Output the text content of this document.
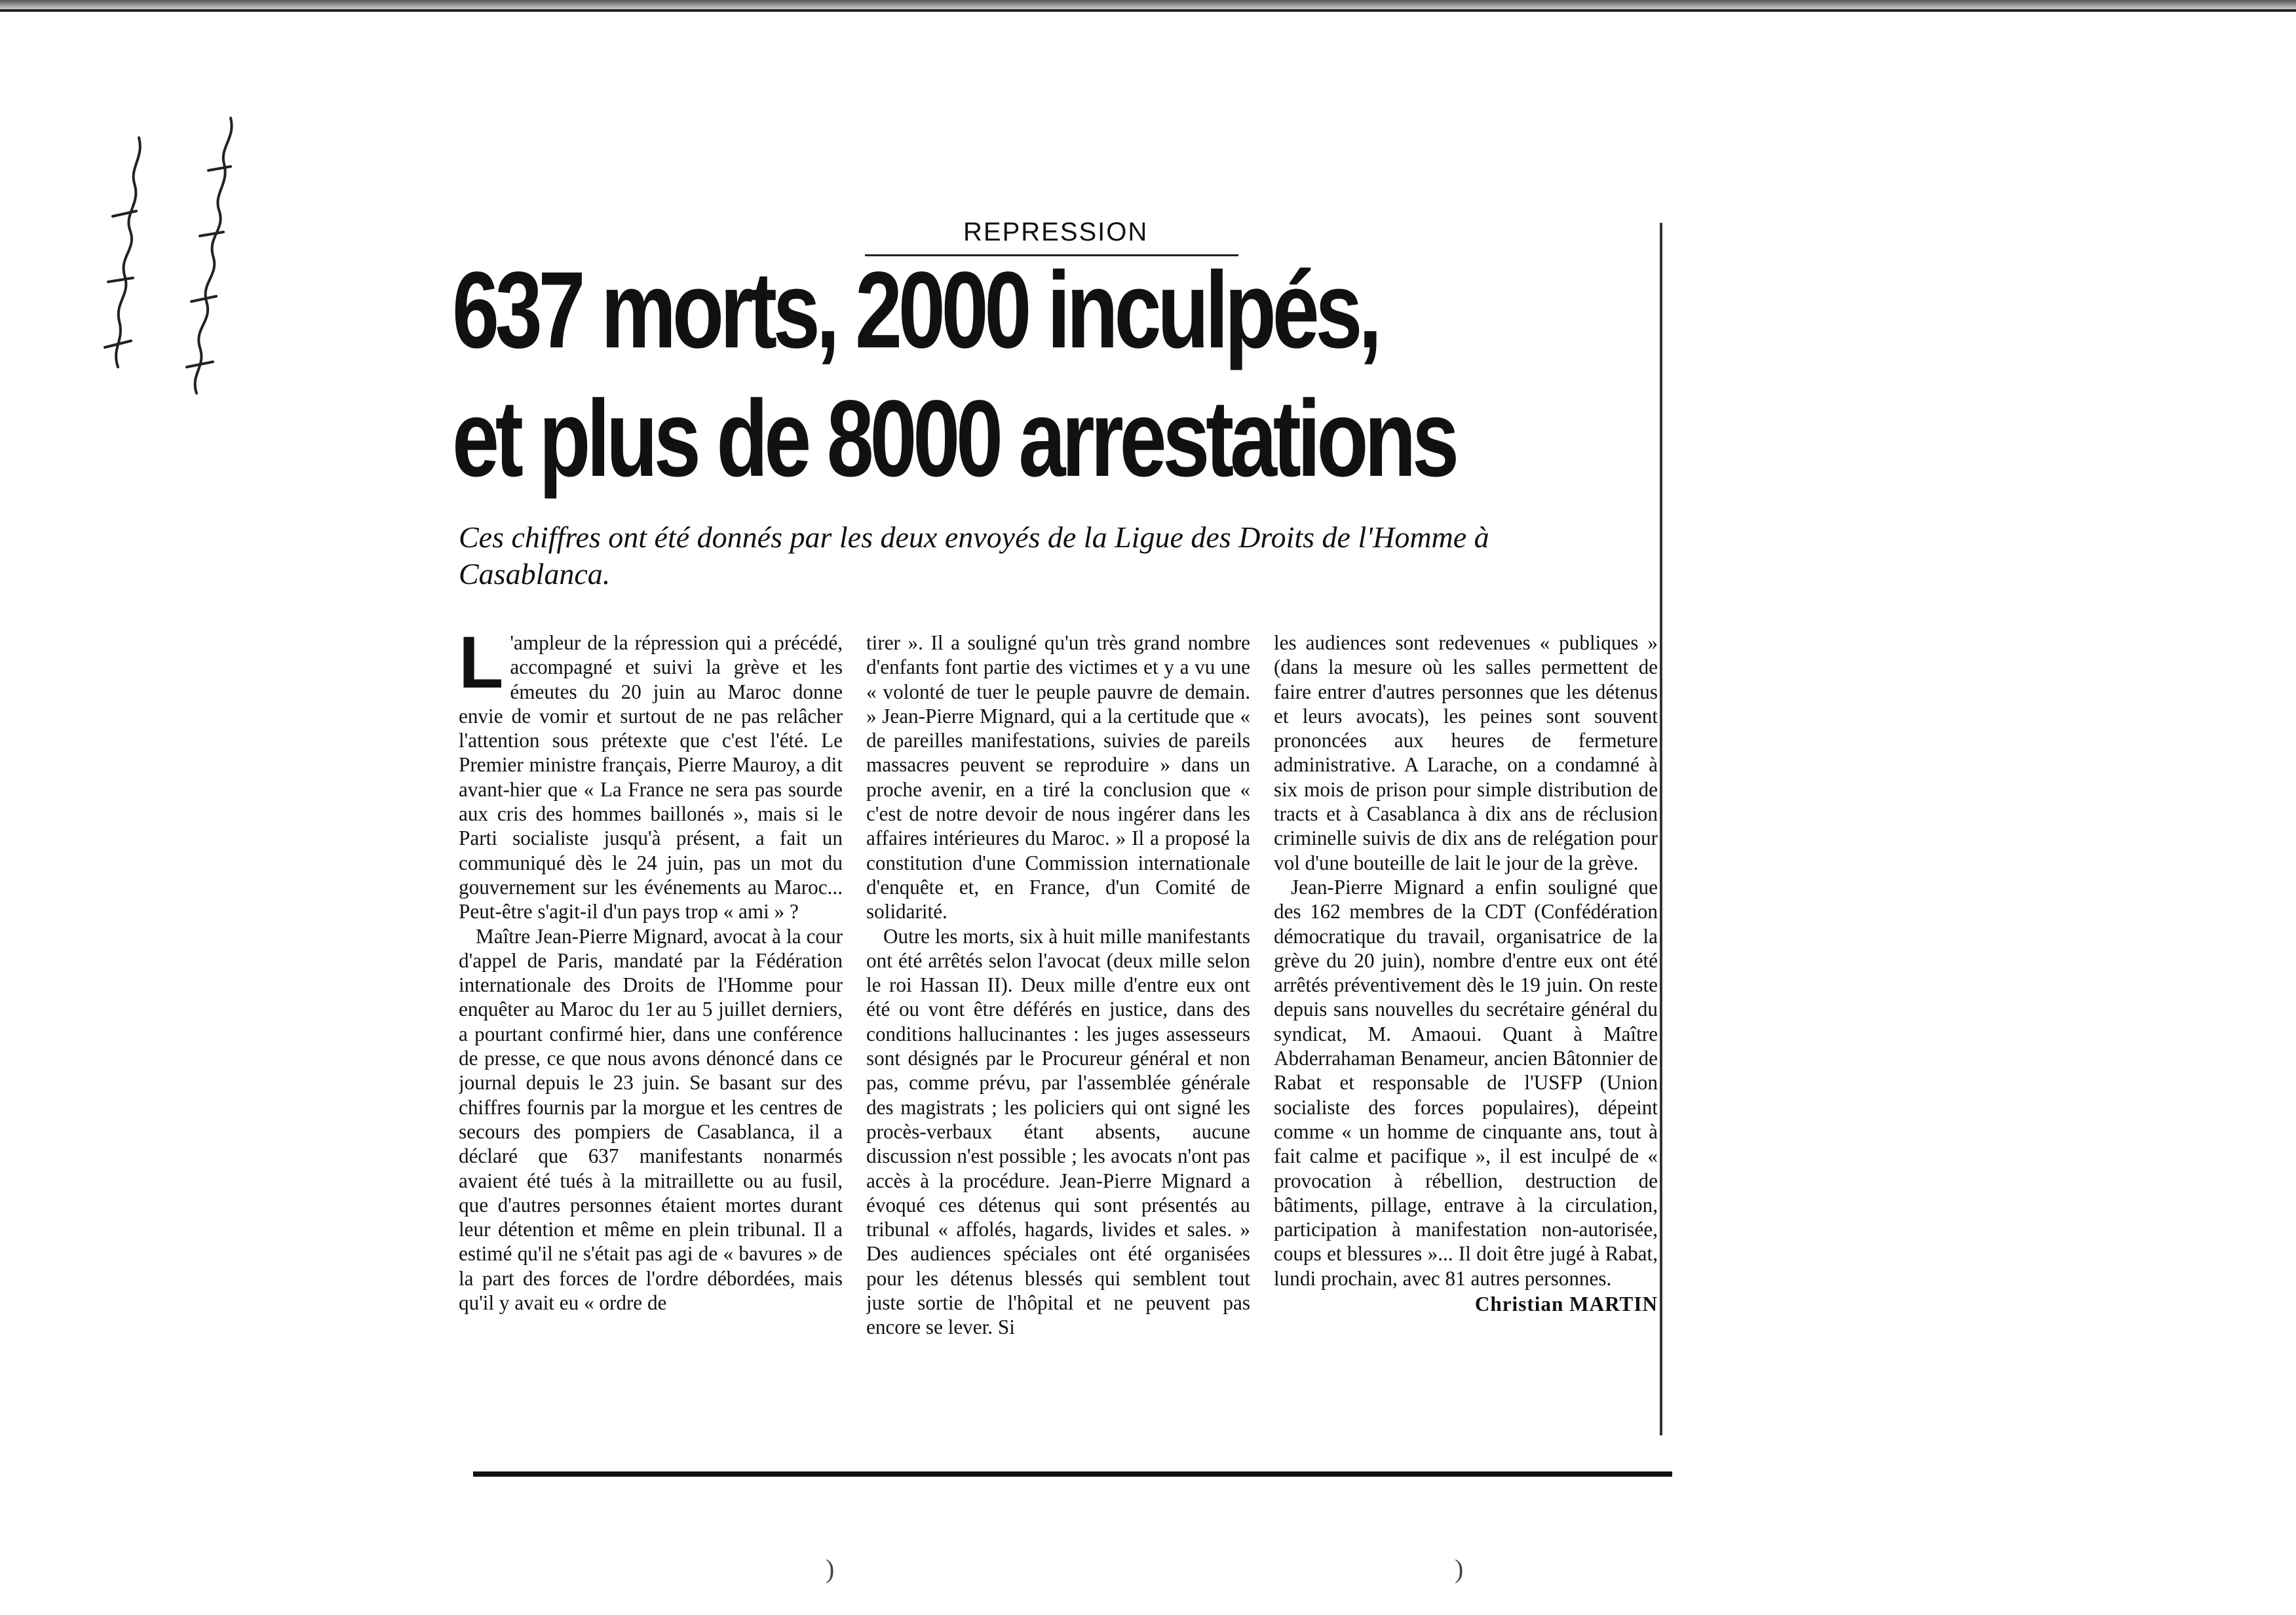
REPRESSION
637 morts, 2000 inculpés,
et plus de 8000 arrestations
Ces chiffres ont été donnés par les deux envoyés de la Ligue des Droits de l'Homme à Casablanca.

L 'ampleur de la répression qui a précédé, accompagné et suivi la grève et les émeutes du 20 juin au Maroc donne envie de vomir et surtout de ne pas relâcher l'attention sous prétexte que c'est l'été. Le Premier ministre français, Pierre Mauroy, a dit avant-hier que « La France ne sera pas sourde aux cris des hommes baillonés », mais si le Parti socialiste jusqu'à présent, a fait un communiqué dès le 24 juin, pas un mot du gouvernement sur les événements au Maroc... Peut-être s'agit-il d'un pays trop « ami » ?

Maître Jean-Pierre Mignard, avocat à la cour d'appel de Paris, mandaté par la Fédération internationale des Droits de l'Homme pour enquêter au Maroc du 1er au 5 juillet derniers, a pourtant confirmé hier, dans une conférence de presse, ce que nous avons dénoncé dans ce journal depuis le 23 juin. Se basant sur des chiffres fournis par la morgue et les centres de secours des pompiers de Casablanca, il a déclaré que 637 manifestants nonarmés avaient été tués à la mitraillette ou au fusil, que d'autres personnes étaient mortes durant leur détention et même en plein tribunal. Il a estimé qu'il ne s'était pas agi de « bavures » de la part des forces de l'ordre débordées, mais qu'il y avait eu « ordre de

tirer ». Il a souligné qu'un très grand nombre d'enfants font partie des victimes et y a vu une « volonté de tuer le peuple pauvre de demain. » Jean-Pierre Mignard, qui a la certitude que « de pareilles manifestations, suivies de pareils massacres peuvent se reproduire » dans un proche avenir, en a tiré la conclusion que « c'est de notre devoir de nous ingérer dans les affaires intérieures du Maroc. » Il a proposé la constitution d'une Commission internationale d'enquête et, en France, d'un Comité de solidarité.

Outre les morts, six à huit mille manifestants ont été arrêtés selon l'avocat (deux mille selon le roi Hassan II). Deux mille d'entre eux ont été ou vont être déférés en justice, dans des conditions hallucinantes : les juges assesseurs sont désignés par le Procureur général et non pas, comme prévu, par l'assemblée générale des magistrats ; les policiers qui ont signé les procès-verbaux étant absents, aucune discussion n'est possible ; les avocats n'ont pas accès à la procédure. Jean-Pierre Mignard a évoqué ces détenus qui sont présentés au tribunal « affolés, hagards, livides et sales. » Des audiences spéciales ont été organisées pour les détenus blessés qui semblent tout juste sortie de l'hôpital et ne peuvent pas encore se lever. Si

les audiences sont redevenues « publiques » (dans la mesure où les salles permettent de faire entrer d'autres personnes que les détenus et leurs avocats), les peines sont souvent prononcées aux heures de fermeture administrative. A Larache, on a condamné à six mois de prison pour simple distribution de tracts et à Casablanca à dix ans de réclusion criminelle suivis de dix ans de relégation pour vol d'une bouteille de lait le jour de la grève.

Jean-Pierre Mignard a enfin souligné que des 162 membres de la CDT (Confédération démocratique du travail, organisatrice de la grève du 20 juin), nombre d'entre eux ont été arrêtés préventivement dès le 19 juin. On reste depuis sans nouvelles du secrétaire général du syndicat, M. Amaoui. Quant à Maître Abderrahaman Benameur, ancien Bâtonnier de Rabat et responsable de l'USFP (Union socialiste des forces populaires), dépeint comme « un homme de cinquante ans, tout à fait calme et pacifique », il est inculpé de « provocation à rébellion, destruction de bâtiments, pillage, entrave à la circulation, participation à manifestation non-autorisée, coups et blessures »... Il doit être jugé à Rabat, lundi prochain, avec 81 autres personnes.

Christian MARTIN
)	)
